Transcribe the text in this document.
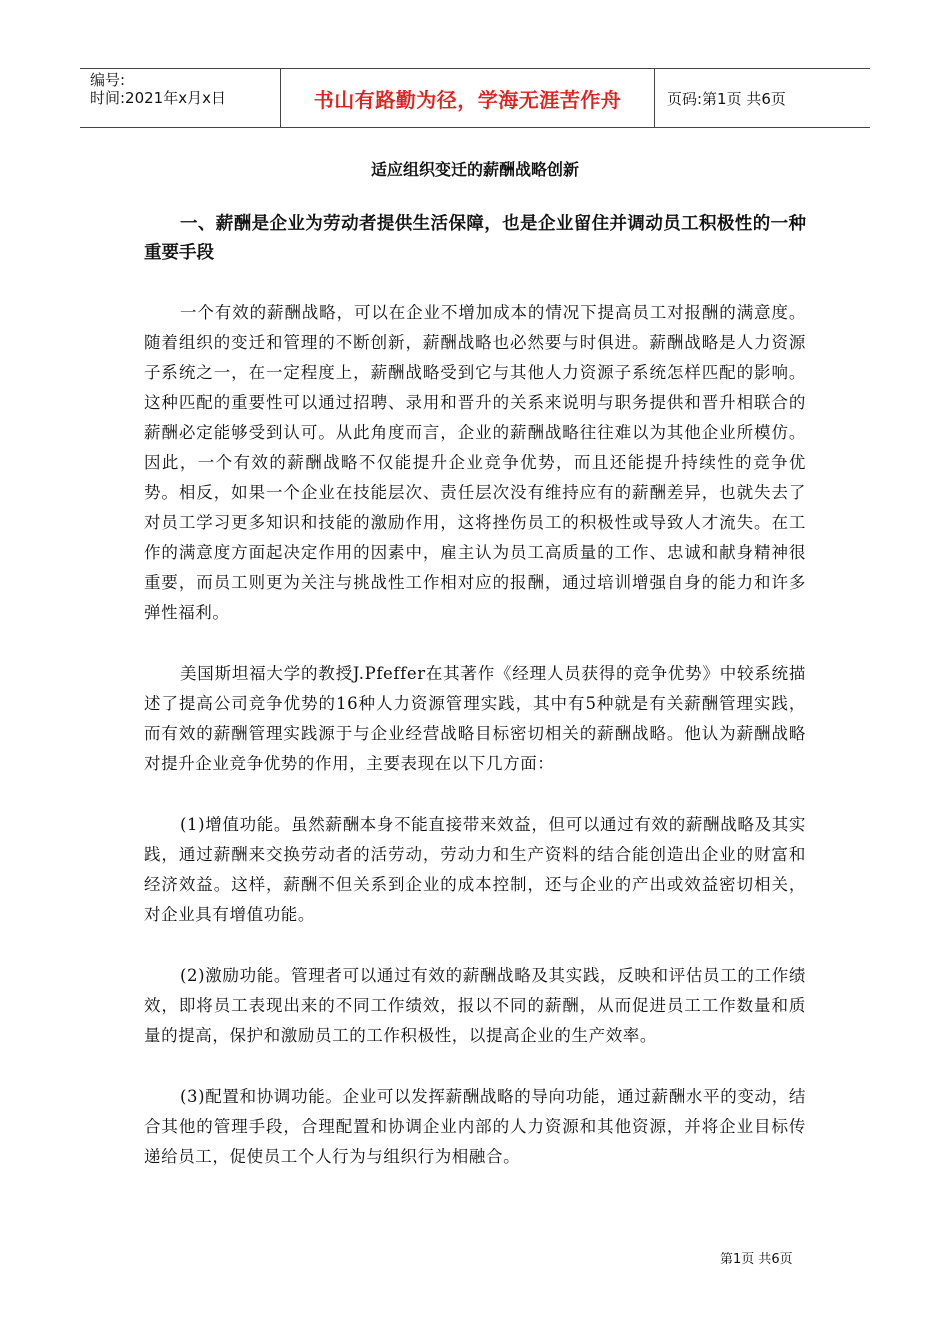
编号:
时间:2021年x月x日	书山有路勤为径，学海无涯苦作舟	页码:第1页 共6页
适应组织变迁的薪酬战略创新

一、薪酬是企业为劳动者提供生活保障，也是企业留住并调动员工积极性的一种重要手段

一个有效的薪酬战略，可以在企业不增加成本的情况下提高员工对报酬的满意度。随着组织的变迁和管理的不断创新，薪酬战略也必然要与时俱进。薪酬战略是人力资源子系统之一，在一定程度上，薪酬战略受到它与其他人力资源子系统怎样匹配的影响。这种匹配的重要性可以通过招聘、录用和晋升的关系来说明与职务提供和晋升相联合的薪酬必定能够受到认可。从此角度而言，企业的薪酬战略往往难以为其他企业所模仿。因此，一个有效的薪酬战略不仅能提升企业竞争优势，而且还能提升持续性的竞争优势。相反，如果一个企业在技能层次、责任层次没有维持应有的薪酬差异，也就失去了对员工学习更多知识和技能的激励作用，这将挫伤员工的积极性或导致人才流失。在工作的满意度方面起决定作用的因素中，雇主认为员工高质量的工作、忠诚和献身精神很重要，而员工则更为关注与挑战性工作相对应的报酬，通过培训增强自身的能力和许多弹性福利。

美国斯坦福大学的教授J.Pfeffer在其著作《经理人员获得的竞争优势》中较系统描述了提高公司竞争优势的16种人力资源管理实践，其中有5种就是有关薪酬管理实践，而有效的薪酬管理实践源于与企业经营战略目标密切相关的薪酬战略。他认为薪酬战略对提升企业竞争优势的作用，主要表现在以下几方面：

(1)增值功能。虽然薪酬本身不能直接带来效益，但可以通过有效的薪酬战略及其实践，通过薪酬来交换劳动者的活劳动，劳动力和生产资料的结合能创造出企业的财富和经济效益。这样，薪酬不但关系到企业的成本控制，还与企业的产出或效益密切相关，对企业具有增值功能。

(2)激励功能。管理者可以通过有效的薪酬战略及其实践，反映和评估员工的工作绩效，即将员工表现出来的不同工作绩效，报以不同的薪酬，从而促进员工工作数量和质量的提高，保护和激励员工的工作积极性，以提高企业的生产效率。

(3)配置和协调功能。企业可以发挥薪酬战略的导向功能，通过薪酬水平的变动，结合其他的管理手段，合理配置和协调企业内部的人力资源和其他资源，并将企业目标传递给员工，促使员工个人行为与组织行为相融合。

第1页 共6页
